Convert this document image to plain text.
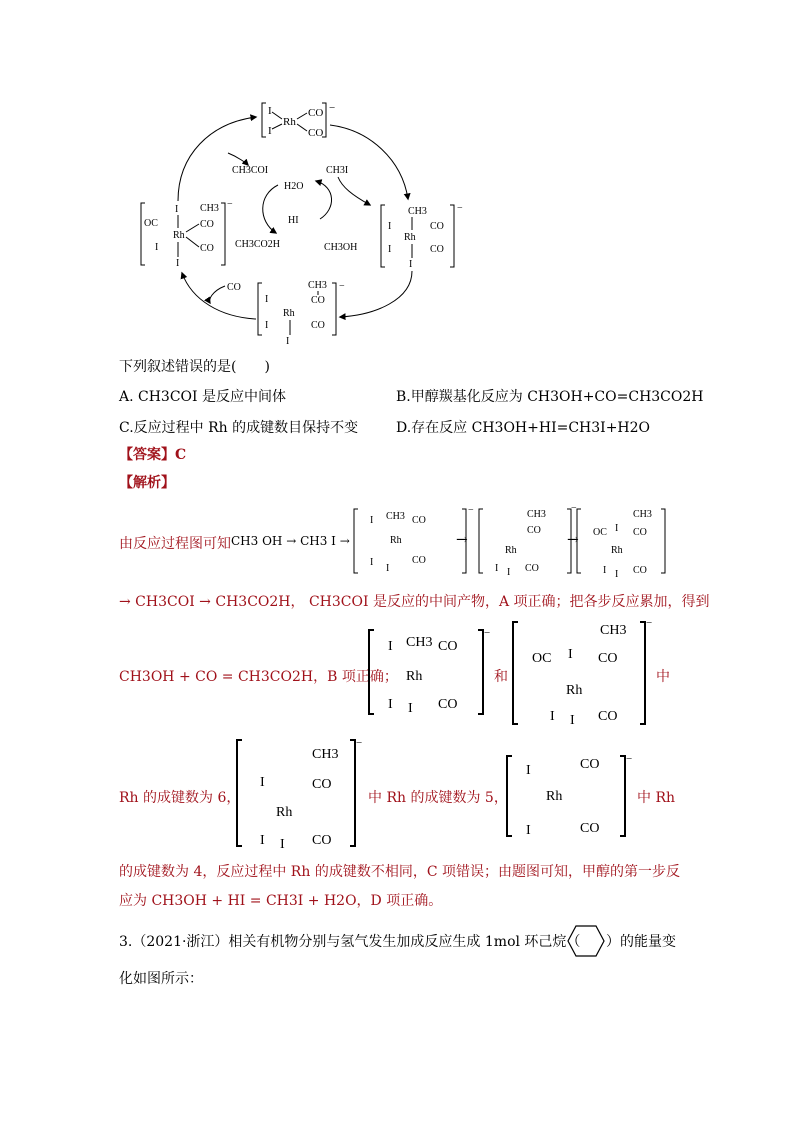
I
I
Rh
CO
CO
−
I CH3
OC
Rh
CO
I	CO
I
−
CH3
I	CO
Rh
I	CO
I
−
CH3
I	CO
Rh
I	CO
I
−
CH3COI	CH3I
H2O
HI
CH3CO2H	CH3OH
CO
下列叙述错误的是(　　)
A. CH3COI 是反应中间体	B.甲醇羰基化反应为 CH3OH+CO=CH3CO2H
C.反应过程中 Rh 的成键数目保持不变	D.存在反应 CH3OH+HI=CH3I+H2O
【答案】C
【解析】
由反应过程图可知 CH3 OH → CH3 I →
I CH3 CO
Rh
CO
I
I
−
→
CH3
CO
Rh
I I CO
−
→
CH3
OC I CO
Rh
I I CO
→ CH3COI → CH3CO2H， CH3COI 是反应的中间产物，A 项正确；把各步反应累加，得到
CH3OH + CO = CH3CO2H，B 项正确；
I CH3 CO
Rh
I I CO
−
和
CH3
OC I CO
Rh
I I CO
−
中
Rh 的成键数为 6，
CH3
CO
I
Rh
I I CO
−
中 Rh 的成键数为 5，
I	CO
Rh
I	CO
−
中 Rh
的成键数为 4，反应过程中 Rh 的成键数不相同，C 项错误；由题图可知，甲醇的第一步反
应为 CH3OH + HI = CH3I + H2O，D 项正确。
3.（2021·浙江）相关有机物分别与氢气发生加成反应生成 1mol 环己烷（ ）的能量变
化如图所示：
